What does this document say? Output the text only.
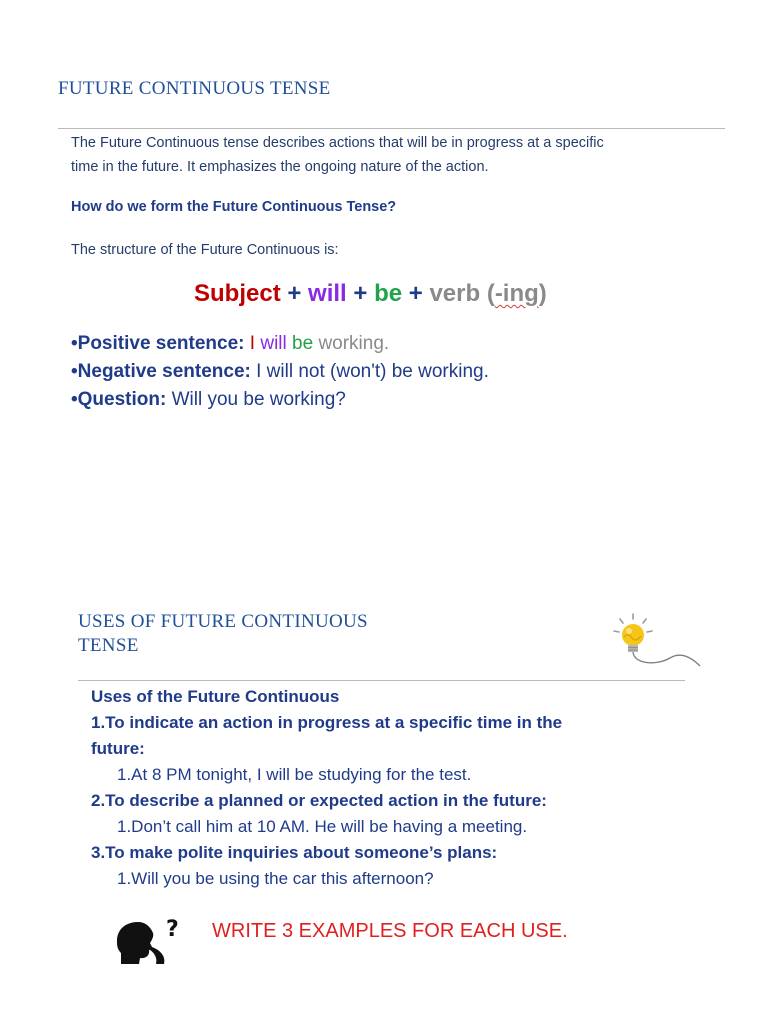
FUTURE CONTINUOUS TENSE
The Future Continuous tense describes actions that will be in progress at a specific
time in the future. It emphasizes the ongoing nature of the action.
How do we form the Future Continuous Tense?
The structure of the Future Continuous is:
Subject + will + be + verb (-ing)
•Positive sentence: I will be working.
•Negative sentence: I will not (won't) be working.
•Question: Will you be working?
USES OF FUTURE CONTINUOUS
TENSE
Uses of the Future Continuous
1.To indicate an action in progress at a specific time in the
future:
1.At 8 PM tonight, I will be studying for the test.
2.To describe a planned or expected action in the future:
1.Don’t call him at 10 AM. He will be having a meeting.
3.To make polite inquiries about someone’s plans:
1.Will you be using the car this afternoon?
? WRITE 3 EXAMPLES FOR EACH USE.
